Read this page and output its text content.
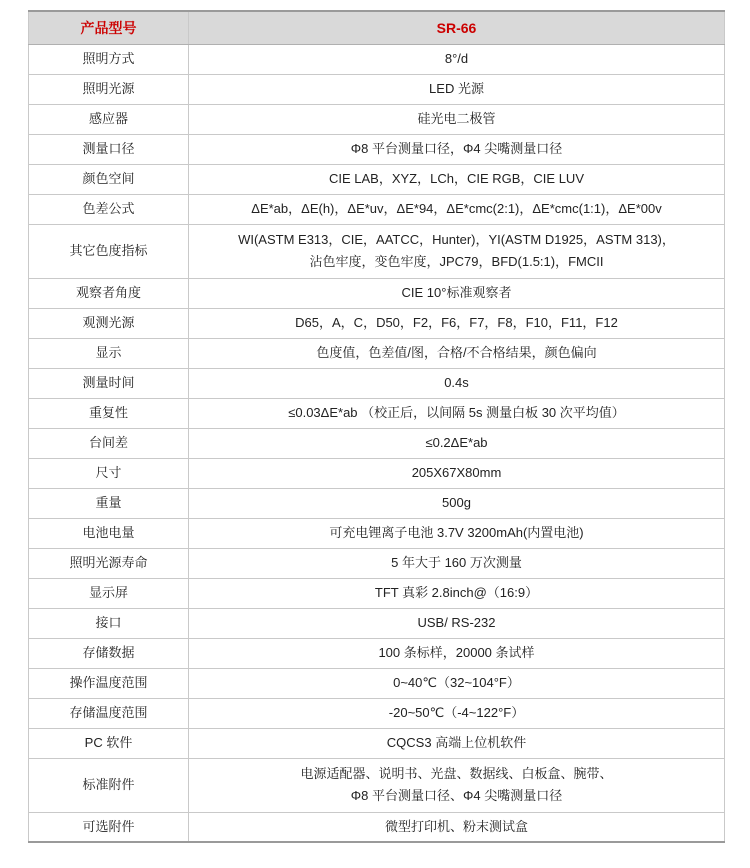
产品型号	SR-66
照明方式	8°/d
照明光源	LED 光源
感应器	硅光电二极管
测量口径	Φ8 平台测量口径，Φ4 尖嘴测量口径
颜色空间	CIE LAB，XYZ，LCh，CIE RGB，CIE LUV
色差公式	ΔE*ab，ΔE(h)，ΔE*uv，ΔE*94，ΔE*cmc(2:1)，ΔE*cmc(1:1)，ΔE*00v
其它色度指标	WI(ASTM E313，CIE，AATCC，Hunter)，YI(ASTM D1925，ASTM 313)，
沾色牢度，变色牢度，JPC79，BFD(1.5:1)，FMCII

观察者角度	CIE 10°标准观察者
观测光源	D65，A，C，D50，F2，F6，F7，F8，F10，F11，F12
显示	色度值，色差值/图，合格/不合格结果，颜色偏向
测量时间	0.4s
重复性	≤0.03ΔE*ab （校正后，以间隔 5s 测量白板 30 次平均值）
台间差	≤0.2ΔE*ab
尺寸	205X67X80mm
重量	500g
电池电量	可充电锂离子电池 3.7V 3200mAh(内置电池)
照明光源寿命	5 年大于 160 万次测量
显示屏	TFT 真彩 2.8inch@（16:9）
接口	USB/ RS-232
存储数据	100 条标样，20000 条试样
操作温度范围	0~40℃（32~104°F）
存储温度范围	-20~50℃（-4~122°F）
PC 软件	CQCS3 高端上位机软件
标准附件	电源适配器、说明书、光盘、数据线、白板盒、腕带、
Φ8 平台测量口径、Φ4 尖嘴测量口径

可选附件	微型打印机、粉末测试盒
